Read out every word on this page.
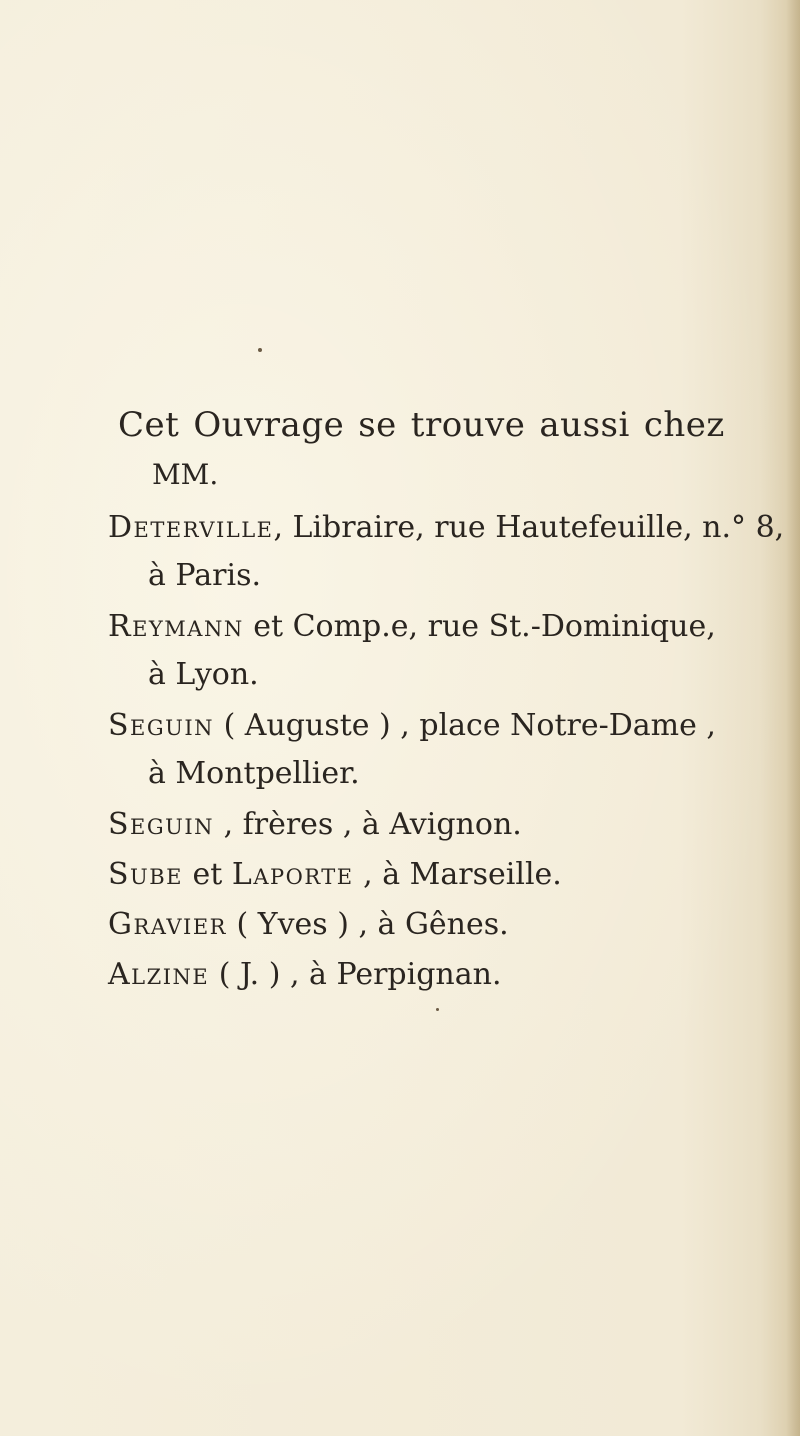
Cet Ouvrage se trouve aussi chez
MM.
Deterville, Libraire, rue Hautefeuille, n.° 8,
à Paris.
Reymann et Comp.e, rue St.-Dominique,
à Lyon.
Seguin ( Auguste ) , place Notre-Dame ,
à Montpellier.
Seguin , frères , à Avignon.
Sube et Laporte , à Marseille.
Gravier ( Yves ) , à Gênes.
Alzine ( J. ) , à Perpignan.
